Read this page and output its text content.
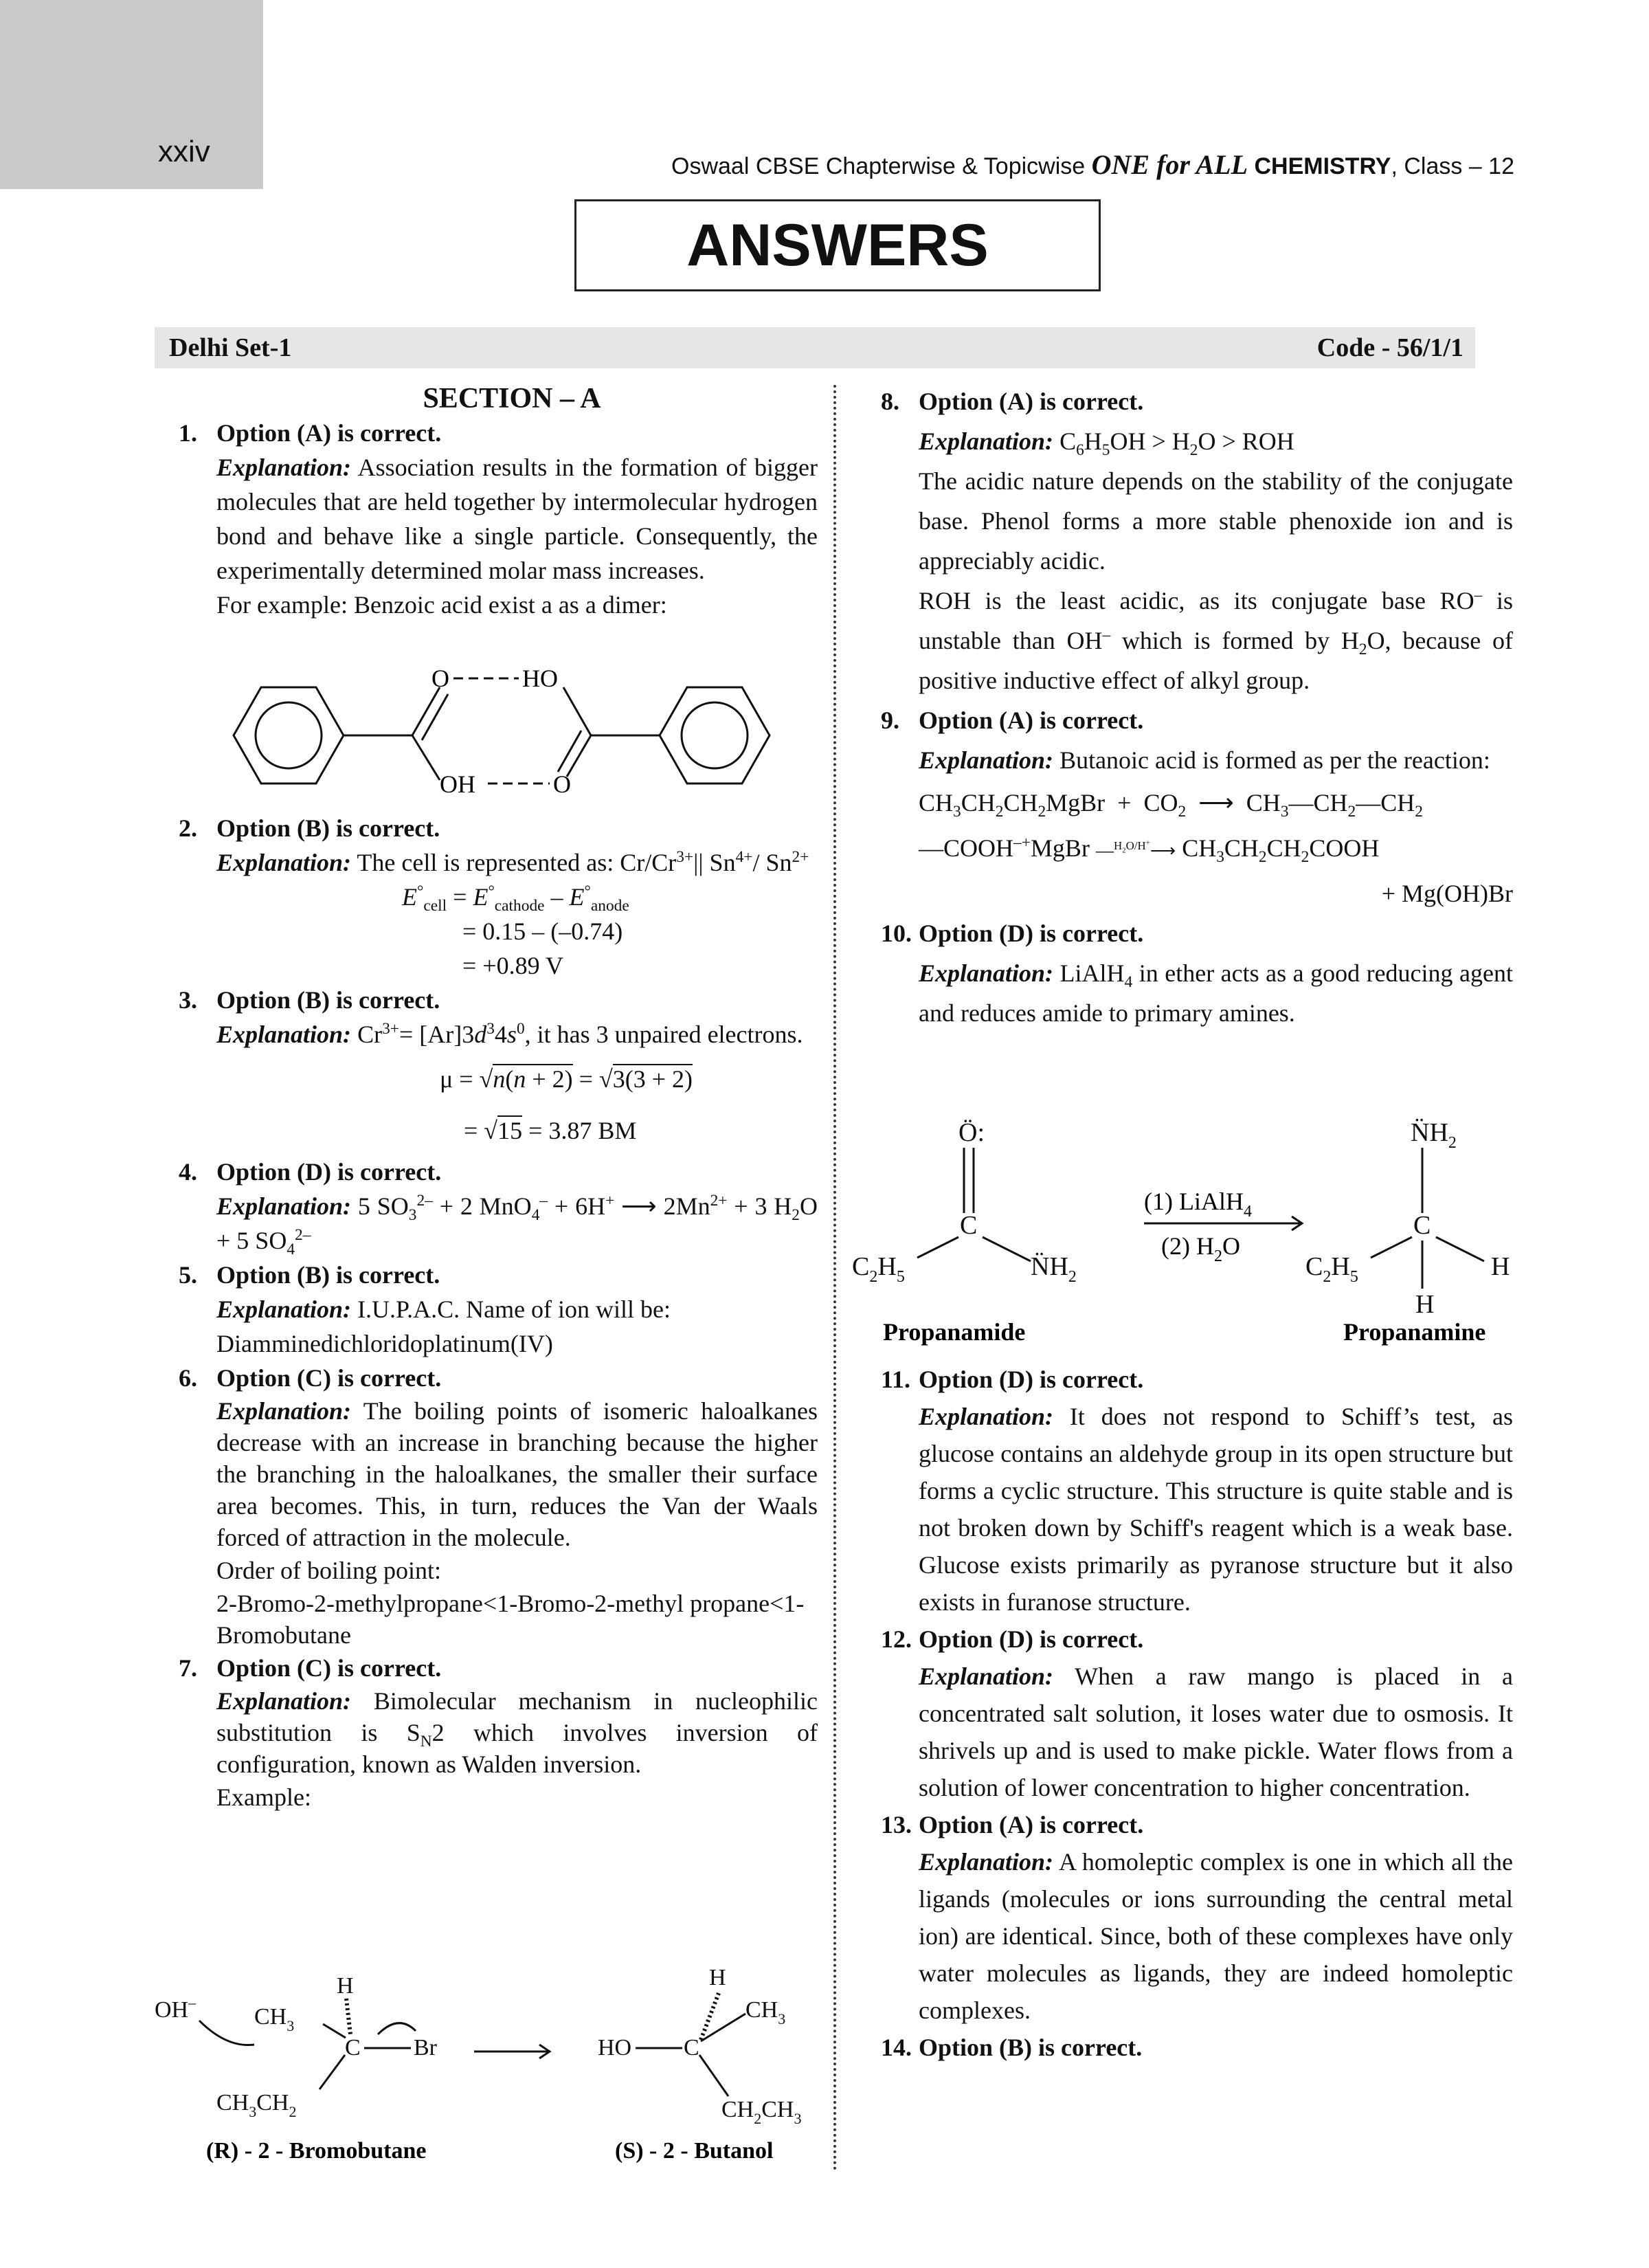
xxiv	Oswaal CBSE Chapterwise & Topicwise ONE for ALL CHEMISTRY, Class – 12
ANSWERS
Delhi Set-1	Code - 56/1/1
SECTION – A
1. Option (A) is correct.
Explanation: Association results in the formation of bigger molecules that are held together by intermolecular hydrogen bond and behave like a single particle. Consequently, the experimentally determined molar mass increases.
For example: Benzoic acid exist a as a dimer:
O	HO
OH	O
2. Option (B) is correct.
Explanation: The cell is represented as: $Cr/Cr^{3+}||$ $Sn^{4+}/$ $Sn^{2+}$
$E^\circ_{cell} = E^\circ_{cathode} - E^\circ_{anode}$
= 0.15 – (–0.74)
= +0.89 V
3. Option (B) is correct.
Explanation: $Cr^{3+}= [Ar]3d^34s^0$, it has 3 unpaired electrons.
μ = √n(n + 2) = √3(3 + 2)
= √15 = 3.87 BM
4. Option (D) is correct.
Explanation: 5 $SO_3^{2-} + 2$ MnO$_4$– + 6H+ ⟶ $2Mn^{2+} + 3$ $H_2O + 5$ $SO_4^{2-}$
5. Option (B) is correct.
Explanation: I.U.P.A.C. Name of ion will be:
Diamminedichloridoplatinum(IV)
6. Option (C) is correct.
Explanation: The boiling points of isomeric haloalkanes decrease with an increase in branching because the higher the branching in the haloalkanes, the smaller their surface area becomes. This, in turn, reduces the Van der Waals forced of attraction in the molecule.
Order of boiling point:
2-Bromo-2-methylpropane<1-Bromo-2-methyl propane<1-Bromobutane
7. Option (C) is correct.
Explanation: Bimolecular mechanism in nucleophilic substitution is $S_N2$ which involves inversion of configuration, known as Walden inversion.
Example:
OH–
$CH_3$
H
C Br
$CH_3CH_2$
HO C
H
$CH_3$
$CH_2CH_3$
(R) - 2 - Bromobutane	(S) - 2 - Butanol
8. Option (A) is correct.
Explanation: $C_6H_5OH > H_2O$ > ROH
The acidic nature depends on the stability of the conjugate base. Phenol forms a more stable phenoxide ion and is appreciably acidic.
ROH is the least acidic, as its conjugate base RO– is unstable than OH– which is formed by $H_2O$, because of positive inductive effect of alkyl group.
9. Option (A) is correct.
Explanation: Butanoic acid is formed as per the reaction:
$CH_3CH_2CH_2MgBr + CO_2$  ⟶  $CH_3—CH_2—CH_2$
—COOH–+MgBr —$^{H_2O/H^+}$⟶ $CH_3CH_2CH_2COOH$
+ Mg(OH)Br
10. Option (D) is correct.
Explanation: LiAlH$_4$ in ether acts as a good reducing agent and reduces amide to primary amines.
Ö:
C
$C_2H_5$	$N̈H_2$
$N̈H_2$
C
$C_2H_5$	H
H
(1) LiAlH$_4$
(2) $H_2O$
Propanamide	Propanamine
11. Option (D) is correct.
Explanation: It does not respond to Schiff’s test, as glucose contains an aldehyde group in its open structure but forms a cyclic structure. This structure is quite stable and is not broken down by Schiff's reagent which is a weak base. Glucose exists primarily as pyranose structure but it also exists in furanose structure.
12. Option (D) is correct.
Explanation: When a raw mango is placed in a concentrated salt solution, it loses water due to osmosis. It shrivels up and is used to make pickle. Water flows from a solution of lower concentration to higher concentration.
13. Option (A) is correct.
Explanation: A homoleptic complex is one in which all the ligands (molecules or ions surrounding the central metal ion) are identical. Since, both of these complexes have only water molecules as ligands, they are indeed homoleptic complexes.
14. Option (B) is correct.
